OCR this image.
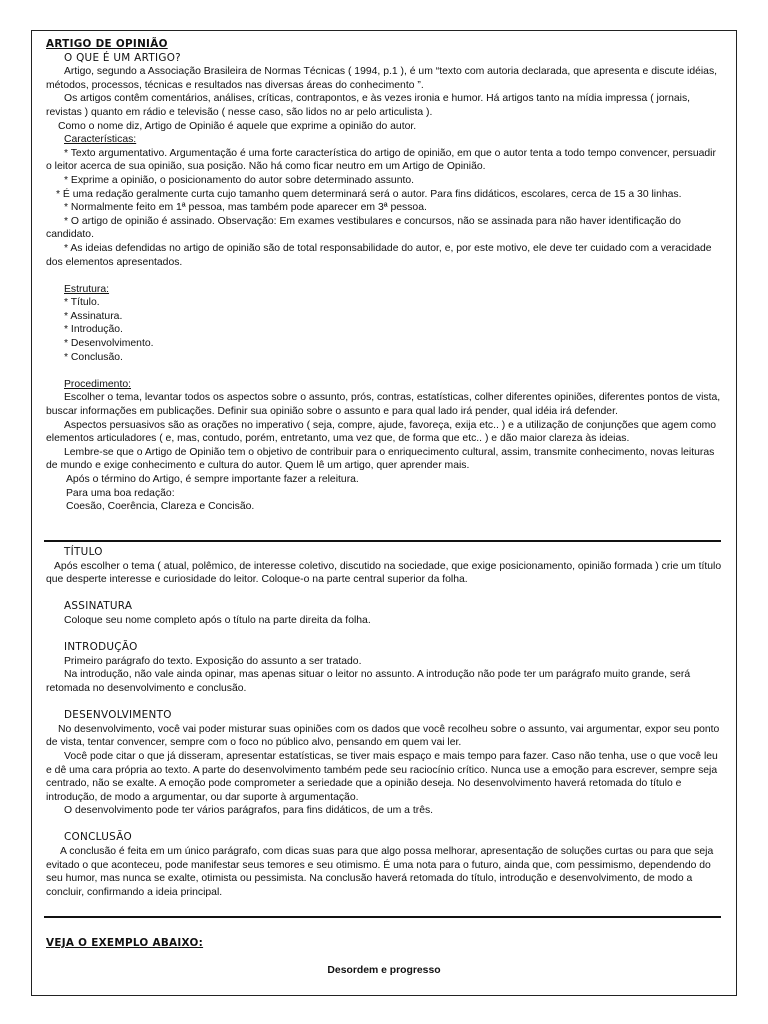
ARTIGO DE OPINIÃO

O QUE É UM ARTIGO?

Artigo, segundo a Associação Brasileira de Normas Técnicas ( 1994, p.1 ), é um “texto com autoria declarada, que apresenta e discute idéias, métodos, processos, técnicas e resultados nas diversas áreas do conhecimento ”.

Os artigos contêm comentários, análises, críticas, contrapontos, e às vezes ironia e humor. Há artigos tanto na mídia impressa ( jornais, revistas ) quanto em rádio e televisão ( nesse caso, são lidos no ar pelo articulista ).

Como o nome diz, Artigo de Opinião é aquele que exprime a opinião do autor.

Características:

* Texto argumentativo. Argumentação é uma forte característica do artigo de opinião, em que o autor tenta a todo tempo convencer, persuadir o leitor acerca de sua opinião, sua posição. Não há como ficar neutro em um Artigo de Opinião.

* Exprime a opinião, o posicionamento do autor sobre determinado assunto.

* É uma redação geralmente curta cujo tamanho quem determinará será o autor. Para fins didáticos, escolares, cerca de 15 a 30 linhas.

* Normalmente feito em 1ª pessoa, mas também pode aparecer em 3ª pessoa.

* O artigo de opinião é assinado. Observação: Em exames vestibulares e concursos, não se assinada para não haver identificação do candidato.

* As ideias defendidas no artigo de opinião são de total responsabilidade do autor, e, por este motivo, ele deve ter cuidado com a veracidade dos elementos apresentados.

Estrutura:

* Título.

* Assinatura.

* Introdução.

* Desenvolvimento.

* Conclusão.

Procedimento:

Escolher o tema, levantar todos os aspectos sobre o assunto, prós, contras, estatísticas, colher diferentes opiniões, diferentes pontos de vista, buscar informações em publicações. Definir sua opinião sobre o assunto e para qual lado irá pender, qual idéia irá defender.

Aspectos persuasivos são as orações no imperativo ( seja, compre, ajude, favoreça, exija etc.. ) e a utilização de conjunções que agem como elementos articuladores ( e, mas, contudo, porém, entretanto, uma vez que, de forma que etc.. ) e dão maior clareza às ideias.

Lembre-se que o Artigo de Opinião tem o objetivo de contribuir para o enriquecimento cultural, assim, transmite conhecimento, novas leituras de mundo e exige conhecimento e cultura do autor. Quem lê um artigo, quer aprender mais.

Após o término do Artigo, é sempre importante fazer a releitura.

Para uma boa redação:

Coesão, Coerência, Clareza e Concisão.

TÍTULO

Após escolher o tema ( atual, polêmico, de interesse coletivo, discutido na sociedade, que exige posicionamento, opinião formada ) crie um título que desperte interesse e curiosidade do leitor. Coloque-o na parte central superior da folha.

ASSINATURA

Coloque seu nome completo após o título na parte direita da folha.

INTRODUÇÃO

Primeiro parágrafo do texto. Exposição do assunto a ser tratado.

Na introdução, não vale ainda opinar, mas apenas situar o leitor no assunto. A introdução não pode ter um parágrafo muito grande, será retomada no desenvolvimento e conclusão.

DESENVOLVIMENTO

No desenvolvimento, você vai poder misturar suas opiniões com os dados que você recolheu sobre o assunto, vai argumentar, expor seu ponto de vista, tentar convencer, sempre com o foco no público alvo, pensando em quem vai ler.

Você pode citar o que já disseram, apresentar estatísticas, se tiver mais espaço e mais tempo para fazer. Caso não tenha, use o que você leu e dê uma cara própria ao texto. A parte do desenvolvimento também pede seu raciocínio crítico. Nunca use a emoção para escrever, sempre seja centrado, não se exalte. A emoção pode comprometer a seriedade que a opinião deseja. No desenvolvimento haverá retomada do título e introdução, de modo a argumentar, ou dar suporte à argumentação.

O desenvolvimento pode ter vários parágrafos, para fins didáticos, de um a três.

CONCLUSÃO

A conclusão é feita em um único parágrafo, com dicas suas para que algo possa melhorar, apresentação de soluções curtas ou para que seja evitado o que aconteceu, pode manifestar seus temores e seu otimismo. É uma nota para o futuro, ainda que, com pessimismo, dependendo do seu humor, mas nunca se exalte, otimista ou pessimista. Na conclusão haverá retomada do título, introdução e desenvolvimento, de modo a concluir, confirmando a ideia principal.

VEJA O EXEMPLO ABAIXO:
Desordem e progresso
